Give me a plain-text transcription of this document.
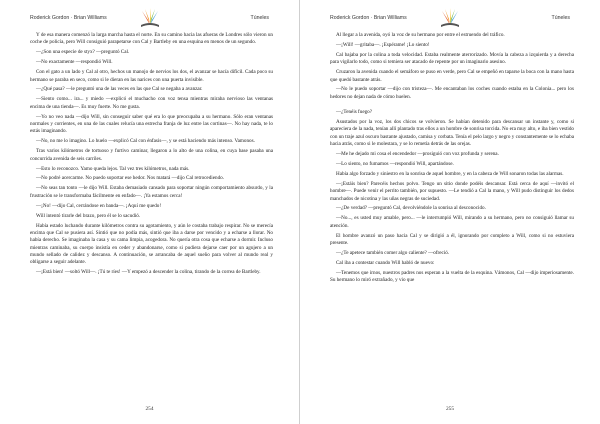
Roderick Gordon · Brian Williams	Túneles

Y de esa manera comenzó la larga marcha hasta el norte. En su camino hacia las afueras de Londres sólo vieron un coche de policía, pero Will consiguió parapetarse con Cal y Bartleby en una esquina en menos de un segundo.

—¿Son una especie de styx? —preguntó Cal.

—No exactamente —respondió Will.

Con el gato a un lado y Cal al otro, hechos un manojo de nervios los dos, el avanzar se hacía difícil. Cada poco su hermano se paraba en seco, como si le dieran en las narices con una puerta invisible.

—¿Qué pasa? —le preguntó una de las veces en las que Cal se negaba a avanzar.

—Siento como... ira... y miedo —explicó el muchacho con voz tensa mientras miraba nervioso las ventanas encima de una tienda—. Es muy fuerte. No me gusta.

—Yo no veo nada —dijo Will, sin conseguir saber qué era lo que preocupaba a su hermano. Sólo eran ventanas normales y corrientes, en una de las cuales relucía una estrecha franja de luz entre las cortinas—. No hay nada, te lo estás imaginando.

—No, no me lo imagino. Lo huelo —explicó Cal con énfasis—, y se está haciendo más intenso. Vamonos.

Tras varios kilómetros de tortuoso y furtivo caminar, llegaron a lo alto de una colina, en cuya base pasaba una concurrida avenida de seis carriles.

—Esto lo reconozco. Yamo queda lejos. Tal vez tres kilómetros, nada más.

—No podré acercarme. No puedo soportar ese hedor. Nos matará —dijo Cal retrocediendo.

—No seas tan tonto —le dijo Will. Estaba demasiado cansado para soportar ningún comportamiento absurdo, y la frustración se le transformaba fácilmente en enfado—. ¡Ya estamos cerca!

—¡No! —dijo Cal, cerrándose en banda—. ¡Aquí me quedo!

Will intentó tirarle del brazo, pero él se lo sacudió.

Había estado luchando durante kilómetros contra su agotamiento, y aún le costaba trabajo respirar. No se merecía encima que Cal se pusiera así. Sintió que no podía más, sintió que iba a darse por vencido y a echarse a llorar. No había derecho. Se imaginaba la casa y su cama limpia, acogedora. No quería otra cosa que echarse a dormir. Incluso mientras caminaba, su cuerpo insistía en ceder y abandonarse, como si pudiera dejarse caer por un agujero a un mundo sellado de calidez y descanso. A continuación, se arrancaba de aquel sueño para volver al mundo real y obligarse a seguir adelante.

—¡Está bien! —soltó Will—. ¡Tú te ríes! —Y empezó a descender la colina, tirando de la correa de Bartleby.

254
Roderick Gordon · Brian Williams	Túneles

Al llegar a la avenida, oyó la voz de su hermano por entre el estruendo del tráfico.

—¡Will! —gritaba—. ¡Espérame! ¡Lo siento!

Cal bajaba por la colina a toda velocidad. Estaba realmente aterrorizado. Movía la cabeza a izquierda y a derecha para vigilarlo todo, como si temiera ser atacado de repente por un imaginario asesino.

Cruzaron la avenida cuando el semáforo se puso en verde, pero Cal se empeñó en taparse la boca con la mano hasta que quedó bastante atrás.

—No le puedo soportar —dijo con tristeza—. Me encantaban los coches cuando estaba en la Colonia... pero los hedores no dejan nada de cómo huelen.

—¿Tenéis fuego?

Asustados por la voz, los dos chicos se volvieron. Se habían detenido para descansar un instante y, como si apareciera de la nada, tenían allí plantado tras ellos a un hombre de sonrisa torcida. No era muy alto, e iba bien vestido con un traje azul oscuro bastante ajustado, camisa y corbata. Tenía el pelo largo y negro y constantemente se lo echaba hacia atrás, como si le molestara, y se lo remetía detrás de las orejas.

—Me he dejado mi cosa el encendedor —prosiguió con voz profunda y serena.

—Lo siento, no fumamos —respondió Will, apartándose.

Había algo forzado y siniestro en la sonrisa de aquel hombre, y en la cabeza de Will sonaron todas las alarmas.

—¡Estáis bien? Parecéis hechos polvo. Tengo un sitio donde podéis descansar. Está cerca de aquí —invitó el hombre—. Puede venir el perrito también, por supuesto. —Le tendió a Cal la mano, y Will pudo distinguir los dedos manchados de nicotina y las uñas negras de suciedad.

—¿De verdad? —preguntó Cal, devolviéndole la sonrisa al desconocido.

—No..., es usted muy amable, pero... —le interrumpió Will, mirando a su hermano, pero no consiguió llamar su atención.

El hombre avanzó un paso hacia Cal y se dirigió a él, ignorando por completo a Will, como si no estuviera presente.

—¿Te apetece también comer algo caliente? —ofreció.

Cal iba a contestar cuando Will habló de nuevo:

—Tenemos que irnos, nuestros padres nos esperan a la vuelta de la esquina. Vámonos, Cal —dijo imperiosamente. Su hermano lo miró extrañado, y vio que

255
